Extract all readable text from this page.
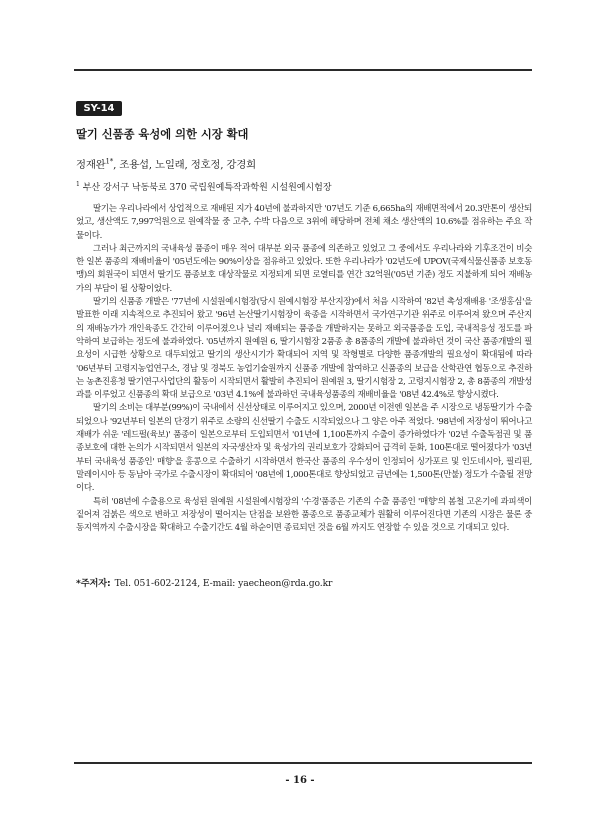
SY-14
딸기 신품종 육성에 의한 시장 확대
정재완$^{1*}$, 조용섭, 노일래, 정호정, 강경희
$^1$ 부산 강서구 낙동북로 370 국립원예특작과학원 시설원예시험장

딸기는 우리나라에서 상업적으로 재배된 지가 40년에 불과하지만 '07년도 기준 6,665ha의 재배면적에서 20.3만톤이 생산되었고, 생산액도 7,997억원으로 원예작물 중 고추, 수박 다음으로 3위에 해당하며 전체 채소 생산액의 10.6%를 점유하는 주요 작물이다.

그러나 최근까지의 국내육성 품종이 매우 적어 대부분 외국 품종에 의존하고 있었고 그 중에서도 우리나라와 기후조건이 비슷한 일본 품종의 재배비율이 '05년도에는 90%이상을 점유하고 있었다. 또한 우리나라가 '02년도에 UPOV(국제식물신품종 보호동맹)의 회원국이 되면서 딸기도 품종보호 대상작물로 지정되게 되면 로열티를 연간 32억원('05년 기준) 정도 지불하게 되어 재배농가의 부담이 될 상황이었다.

딸기의 신품종 개발은 '77년에 시설원예시험장(당시 원예시험장 부산지장)에서 처음 시작하여 '82년 촉성재배용 '조생홍심'을 발표한 이래 지속적으로 추진되어 왔고 '96년 논산딸기시험장이 육종을 시작하면서 국가연구기관 위주로 이루어져 왔으며 주산지의 재배농가가 개인육종도 간간히 이루어졌으나 널리 재배되는 품종을 개발하지는 못하고 외국품종을 도입, 국내적응성 정도를 파악하여 보급하는 정도에 불과하였다. '05년까지 원예원 6, 딸기시험장 2품종 총 8품종의 개발에 불과하던 것이 국산 품종개발의 필요성이 시급한 상황으로 대두되었고 딸기의 생산시기가 확대되어 지역 및 작형별로 다양한 품종개발의 필요성이 확대됨에 따라 '06년부터 고령지농업연구소, 경남 및 경북도 농업기술원까지 신품종 개발에 참여하고 신품종의 보급을 산학관연 협동으로 추진하는 농촌진흥청 딸기연구사업단의 활동이 시작되면서 활발히 추진되어 원예원 3, 딸기시험장 2, 고령지시험장 2, 총 8품종의 개발성과를 이루었고 신품종의 확대 보급으로 '03년 4.1%에 불과하던 국내육성품종의 재배비율을 '08년 42.4%로 향상시켰다.

딸기의 소비는 대부분(99%)이 국내에서 신선상태로 이루어지고 있으며, 2000년 이전엔 일본을 주 시장으로 냉동딸기가 수출되었으나 '92년부터 일본의 단경기 위주로 소량의 신선딸기 수출도 시작되었으나 그 양은 아주 적었다. '98년에 저장성이 뛰어나고 재배가 쉬운 '레드펄(육보)' 품종이 일본으로부터 도입되면서 '01년에 1,100톤까지 수출이 증가하였다가 '02년 수출독점권 및 품종보호에 대한 논의가 시작되면서 일본의 자국생산자 및 육성가의 권리보호가 강화되어 급격히 둔화, 100톤대로 떨어졌다가 '03년부터 국내육성 품종인' 매향'을 홍콩으로 수출하기 시작하면서 한국산 품종의 우수성이 인정되어 싱가포르 및 인도네시아, 필리핀, 말레이시아 등 동남아 국가로 수출시장이 확대되어 '08년에 1,000톤대로 향상되었고 금년에는 1,500톤(만불) 정도가 수출될 전망이다.

특히 '08년에 수출용으로 육성된 원예원 시설원예시험장의 '수경'품종은 기존의 수출 품종인 '매향'의 봄철 고온기에 과피색이 짙어져 검붉은 색으로 변하고 저장성이 떨어지는 단점을 보완한 품종으로 품종교체가 원활히 이루어진다면 기존의 시장은 물론 중동지역까지 수출시장을 확대하고 수출기간도 4월 하순이면 종료되던 것을 6월 까지도 연장할 수 있을 것으로 기대되고 있다.

*주저자: Tel. 051-602-2124, E-mail: yaecheon@rda.go.kr
- 16 -
